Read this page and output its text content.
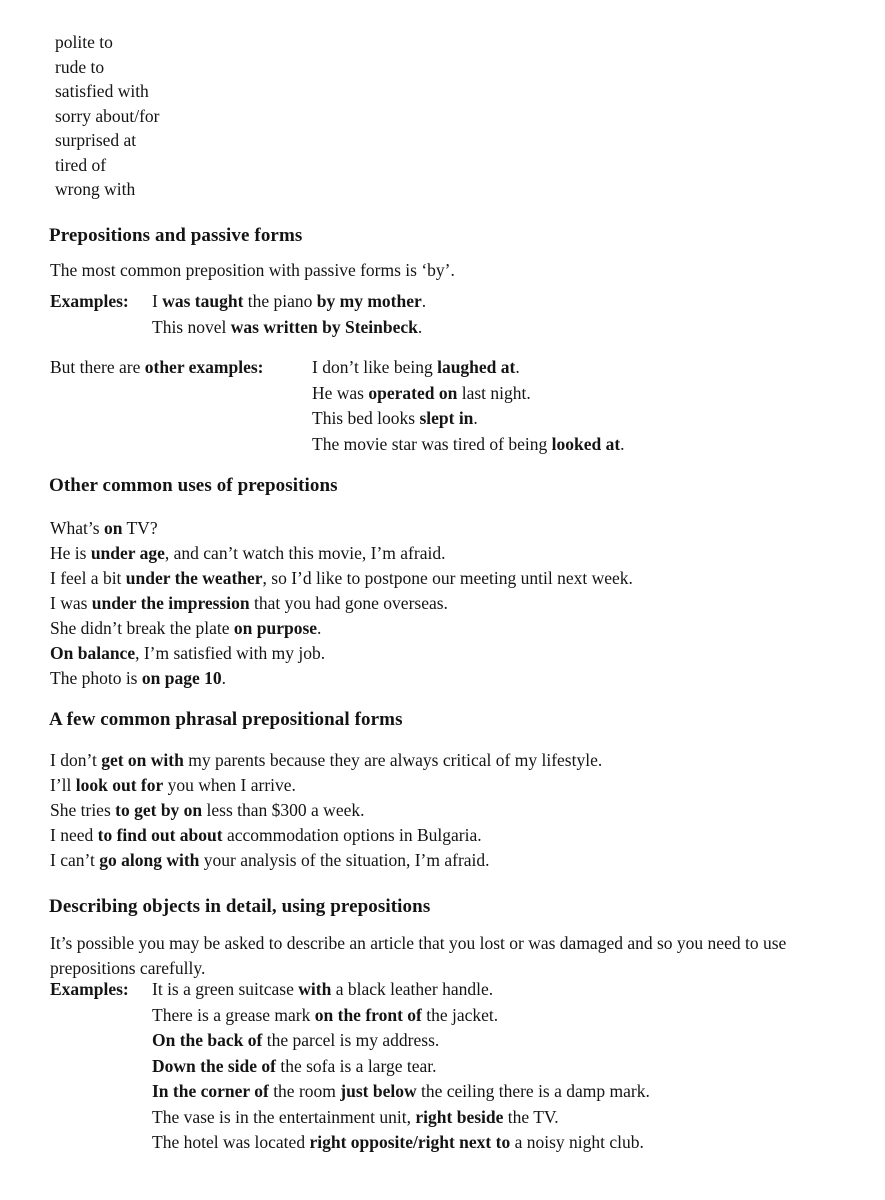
polite to	
rude to	
satisfied with	
sorry about/for	
surprised at	
tired of	
wrong with	
Prepositions and passive forms
The most common preposition with passive forms is ‘by’.
Examples: I was taught the piano by my mother.
This novel was written by Steinbeck.
But there are other examples:	I don’t like being laughed at.
He was operated on last night.
This bed looks slept in.
The movie star was tired of being looked at.
Other common uses of prepositions
What’s on TV?
He is under age, and can’t watch this movie, I’m afraid.
I feel a bit under the weather, so I’d like to postpone our meeting until next week.
I was under the impression that you had gone overseas.
She didn’t break the plate on purpose.
On balance, I’m satisfied with my job.
The photo is on page 10.
A few common phrasal prepositional forms
I don’t get on with my parents because they are always critical of my lifestyle.
I’ll look out for you when I arrive.
She tries to get by on less than $300 a week.
I need to find out about accommodation options in Bulgaria.
I can’t go along with your analysis of the situation, I’m afraid.
Describing objects in detail, using prepositions
It’s possible you may be asked to describe an article that you lost or was damaged and so you need to use prepositions carefully.
Examples: It is a green suitcase with a black leather handle.
There is a grease mark on the front of the jacket.
On the back of the parcel is my address.
Down the side of the sofa is a large tear.
In the corner of the room just below the ceiling there is a damp mark.
The vase is in the entertainment unit, right beside the TV.
The hotel was located right opposite/right next to a noisy night club.
